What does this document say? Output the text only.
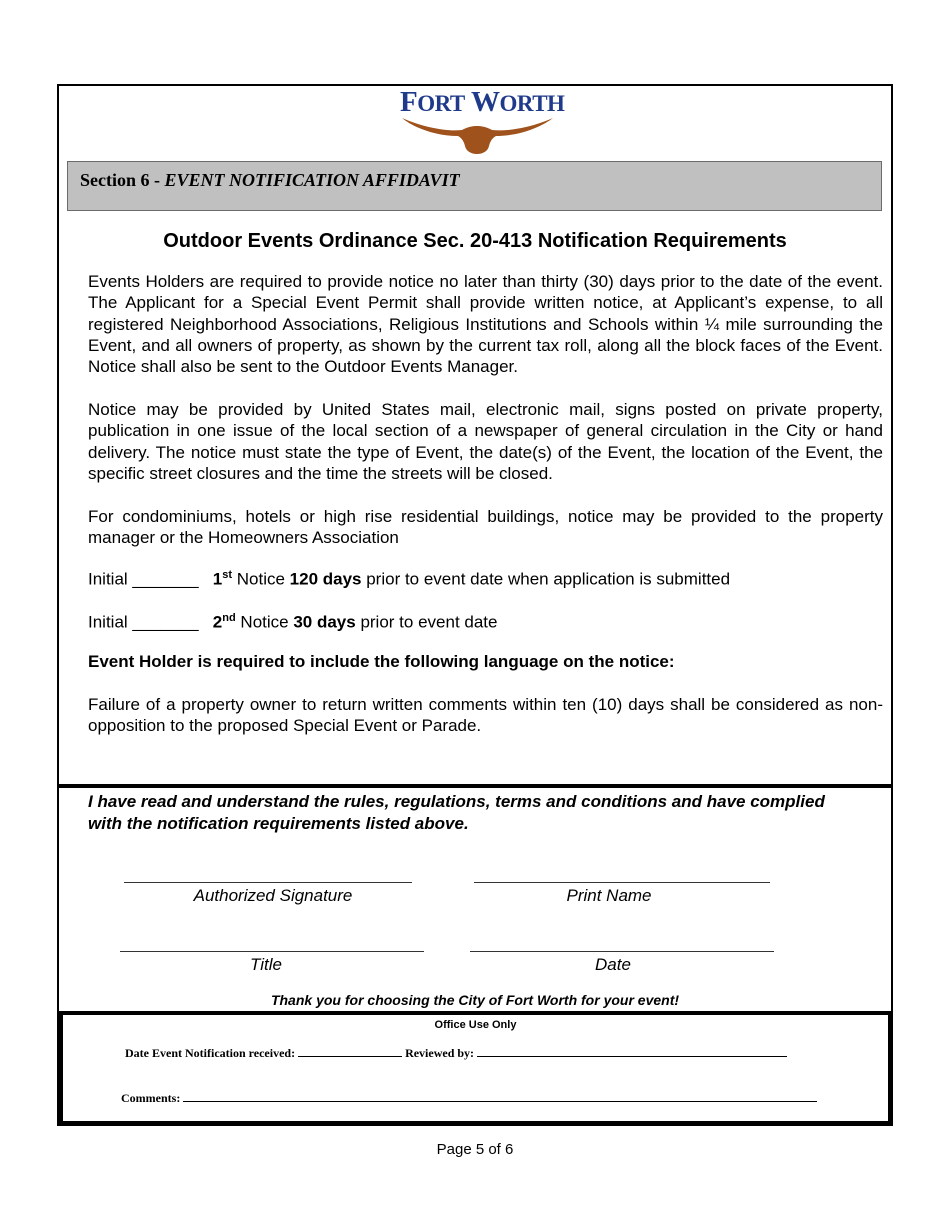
FORT WORTH
Section 6 - EVENT NOTIFICATION AFFIDAVIT
Outdoor Events Ordinance Sec. 20-413 Notification Requirements
Events Holders are required to provide notice no later than thirty (30) days prior to the date of the event. The Applicant for a Special Event Permit shall provide written notice, at Applicant’s expense, to all registered Neighborhood Associations, Religious Institutions and Schools within ¼ mile surrounding the Event, and all owners of property, as shown by the current tax roll, along all the block faces of the Event. Notice shall also be sent to the Outdoor Events Manager.
Notice may be provided by United States mail, electronic mail, signs posted on private property, publication in one issue of the local section of a newspaper of general circulation in the City or hand delivery. The notice must state the type of Event, the date(s) of the Event, the location of the Event, the specific street closures and the time the streets will be closed.
For condominiums, hotels or high rise residential buildings, notice may be provided to the property manager or the Homeowners Association
Initial _______ 1st Notice 120 days prior to event date when application is submitted
Initial _______ 2nd Notice 30 days prior to event date
Event Holder is required to include the following language on the notice:
Failure of a property owner to return written comments within ten (10) days shall be considered as non-opposition to the proposed Special Event or Parade.
I have read and understand the rules, regulations, terms and conditions and have complied with the notification requirements listed above.
Authorized Signature	Print Name
Title	Date
Thank you for choosing the City of Fort Worth for your event!
Office Use Only
Date Event Notification received:	Reviewed by:
Comments:
Page 5 of 6
